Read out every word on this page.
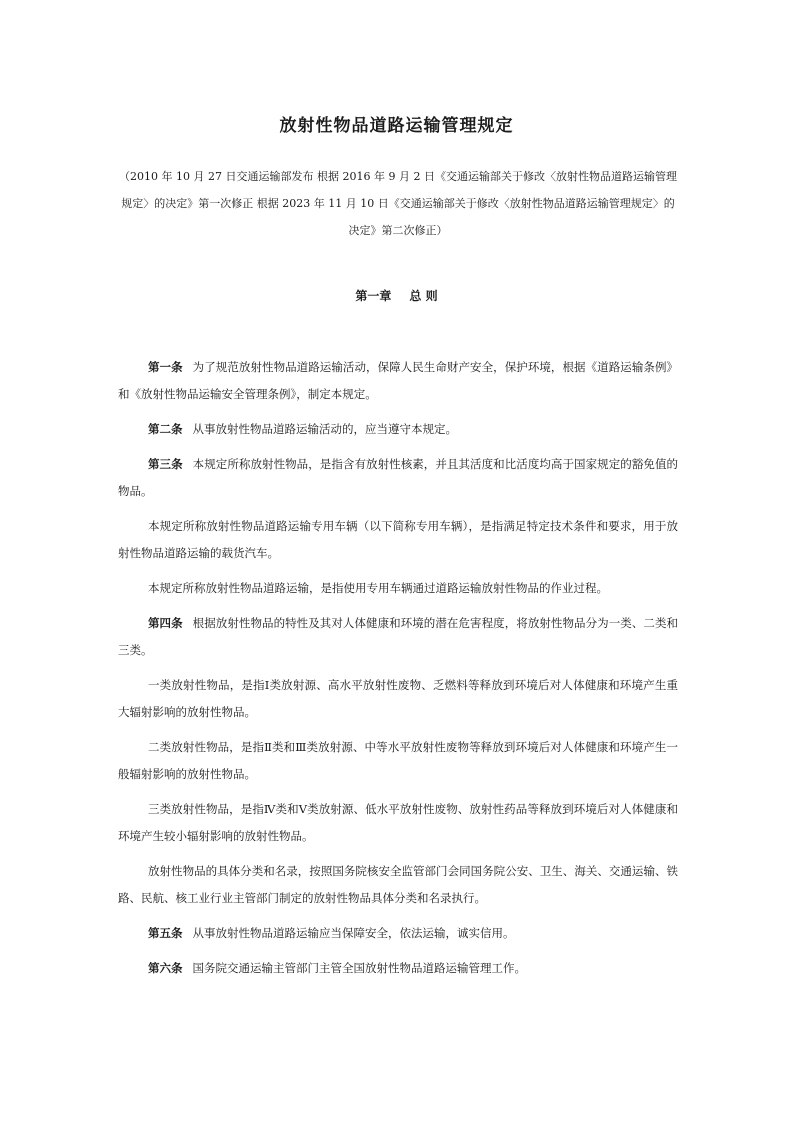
放射性物品道路运输管理规定
（2010 年 10 月 27 日交通运输部发布 根据 2016 年 9 月 2 日《交通运输部关于修改〈放射性物品道路运输管理规定〉的决定》第一次修正 根据 2023 年 11 月 10 日《交通运输部关于修改〈放射性物品道路运输管理规定〉的决定》第二次修正）
第一章 总 则

第一条 为了规范放射性物品道路运输活动，保障人民生命财产安全，保护环境，根据《道路运输条例》和《放射性物品运输安全管理条例》，制定本规定。

第二条 从事放射性物品道路运输活动的，应当遵守本规定。

第三条 本规定所称放射性物品，是指含有放射性核素，并且其活度和比活度均高于国家规定的豁免值的物品。

本规定所称放射性物品道路运输专用车辆（以下简称专用车辆），是指满足特定技术条件和要求，用于放射性物品道路运输的载货汽车。

本规定所称放射性物品道路运输，是指使用专用车辆通过道路运输放射性物品的作业过程。

第四条 根据放射性物品的特性及其对人体健康和环境的潜在危害程度，将放射性物品分为一类、二类和三类。

一类放射性物品，是指Ⅰ类放射源、高水平放射性废物、乏燃料等释放到环境后对人体健康和环境产生重大辐射影响的放射性物品。

二类放射性物品，是指Ⅱ类和Ⅲ类放射源、中等水平放射性废物等释放到环境后对人体健康和环境产生一般辐射影响的放射性物品。

三类放射性物品，是指Ⅳ类和Ⅴ类放射源、低水平放射性废物、放射性药品等释放到环境后对人体健康和环境产生较小辐射影响的放射性物品。

放射性物品的具体分类和名录，按照国务院核安全监管部门会同国务院公安、卫生、海关、交通运输、铁路、民航、核工业行业主管部门制定的放射性物品具体分类和名录执行。

第五条 从事放射性物品道路运输应当保障安全，依法运输，诚实信用。

第六条 国务院交通运输主管部门主管全国放射性物品道路运输管理工作。
